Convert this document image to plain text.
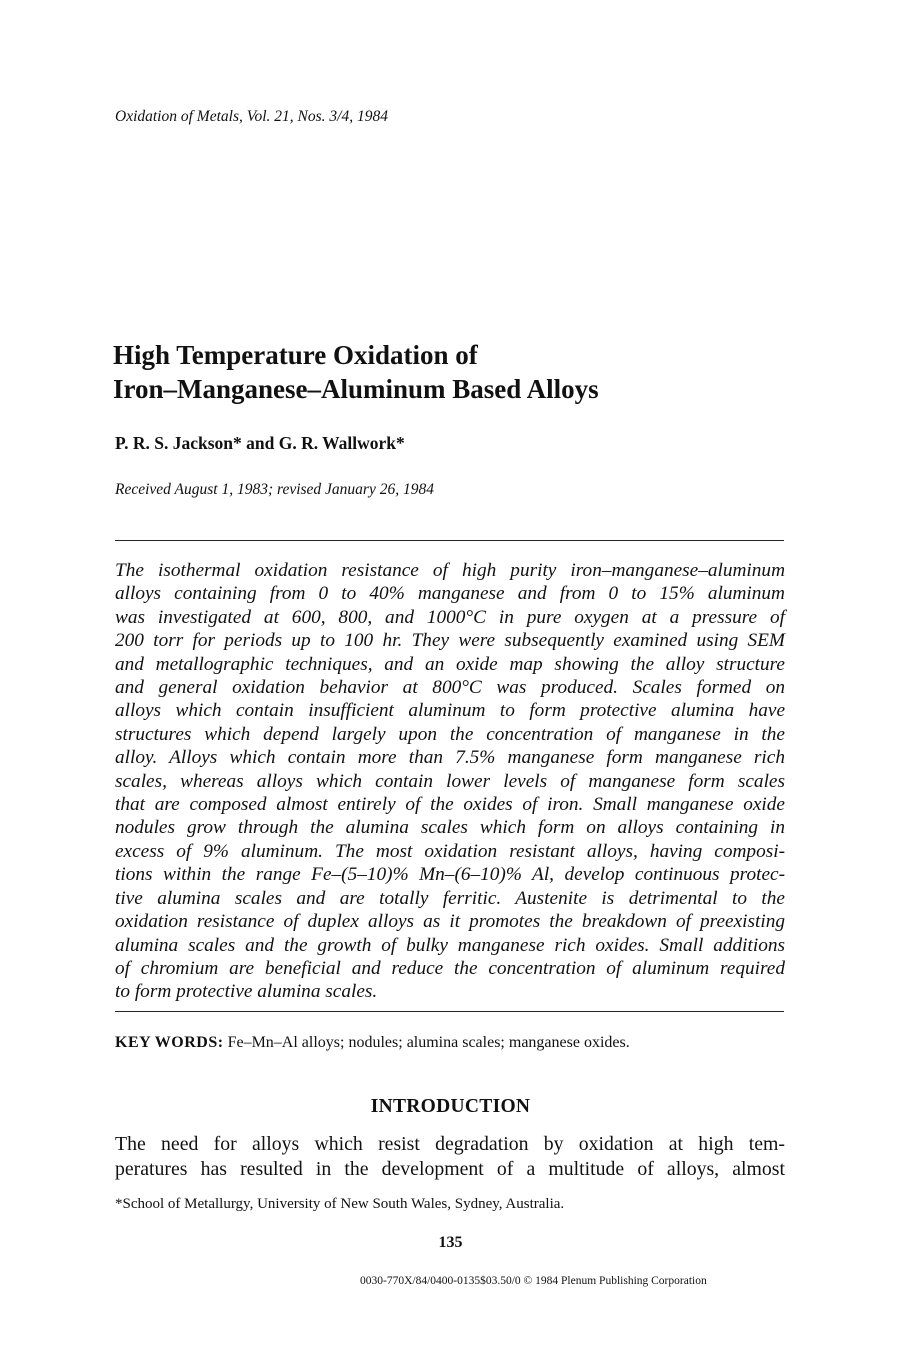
Oxidation of Metals, Vol. 21, Nos. 3/4, 1984
High Temperature Oxidation of
Iron–Manganese–Aluminum Based Alloys
P. R. S. Jackson* and G. R. Wallwork*
Received August 1, 1983; revised January 26, 1984
The isothermal oxidation resistance of high purity iron–manganese–aluminum
alloys containing from 0 to 40% manganese and from 0 to 15% aluminum
was investigated at 600, 800, and 1000°C in pure oxygen at a pressure of
200 torr for periods up to 100 hr. They were subsequently examined using SEM
and metallographic techniques, and an oxide map showing the alloy structure
and general oxidation behavior at 800°C was produced. Scales formed on
alloys which contain insufficient aluminum to form protective alumina have
structures which depend largely upon the concentration of manganese in the
alloy. Alloys which contain more than 7.5% manganese form manganese rich
scales, whereas alloys which contain lower levels of manganese form scales
that are composed almost entirely of the oxides of iron. Small manganese oxide
nodules grow through the alumina scales which form on alloys containing in
excess of 9% aluminum. The most oxidation resistant alloys, having composi-
tions within the range Fe–(5–10)% Mn–(6–10)% Al, develop continuous protec-
tive alumina scales and are totally ferritic. Austenite is detrimental to the
oxidation resistance of duplex alloys as it promotes the breakdown of preexisting
alumina scales and the growth of bulky manganese rich oxides. Small additions
of chromium are beneficial and reduce the concentration of aluminum required
to form protective alumina scales.
KEY WORDS: Fe–Mn–Al alloys; nodules; alumina scales; manganese oxides.
INTRODUCTION
The need for alloys which resist degradation by oxidation at high tem-
peratures has resulted in the development of a multitude of alloys, almost
*School of Metallurgy, University of New South Wales, Sydney, Australia.
135
0030-770X/84/0400-0135$03.50/0 © 1984 Plenum Publishing Corporation
